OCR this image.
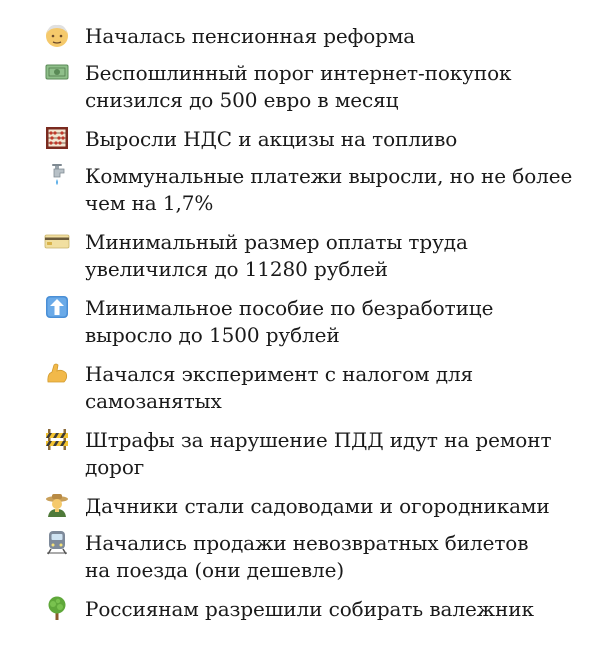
Началась пенсионная реформа
Беспошлинный порог интернет-покупок
снизился до 500 евро в месяц
Выросли НДС и акцизы на топливо
Коммунальные платежи выросли, но не более
чем на 1,7%
Минимальный размер оплаты труда
увеличился до 11280 рублей
Минимальное пособие по безработице
выросло до 1500 рублей
Начался эксперимент с налогом для
самозанятых
Штрафы за нарушение ПДД идут на ремонт
дорог
Дачники стали садоводами и огородниками
Начались продажи невозвратных билетов
на поезда (они дешевле)
Россиянам разрешили собирать валежник
